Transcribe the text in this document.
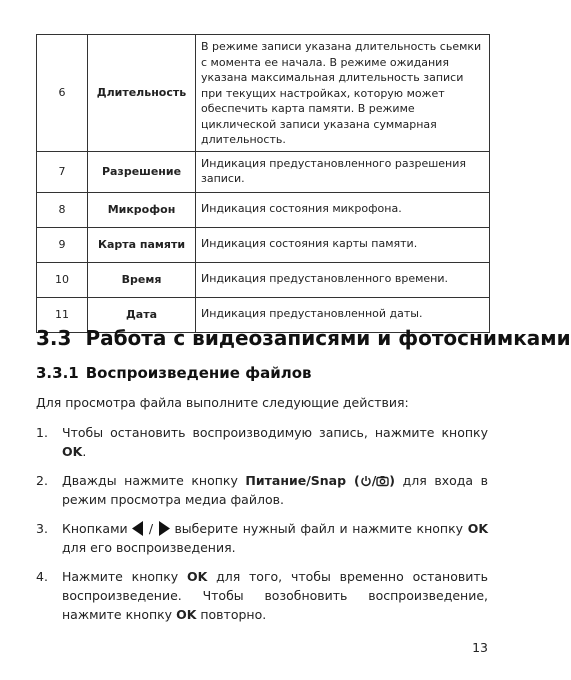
6	Длительность	В режиме записи указана длительность сьемки с момента ее начала. В режиме ожидания указана максимальная длительность записи при текущих настройках, которую может обеспечить карта памяти. В режиме циклической записи указана суммарная длительность.
7	Разрешение	Индикация предустановленного разрешения записи.
8	Микрофон	Индикация состояния микрофона.
9	Карта памяти	Индикация состояния карты памяти.
10	Время	Индикация предустановленного времени.
11	Дата	Индикация предустановленной даты.
3.3 Работа с видеозаписями и фотоснимками
3.3.1 Воспроизведение файлов

Для просмотра файла выполните следующие действия:

1. Чтобы остановить воспроизводимую запись, нажмите кнопку OK.
2. Дважды нажмите кнопку Питание/Snap ( / ) для входа в режим просмотра медиа файлов.
3. Кнопками  /  выберите нужный файл и нажмите кнопку OK для его воспроизведения.
4. Нажмите кнопку OK для того, чтобы временно остановить воспроизведение. Чтобы возобновить воспроизведение, нажмите кнопку OK повторно.
13
